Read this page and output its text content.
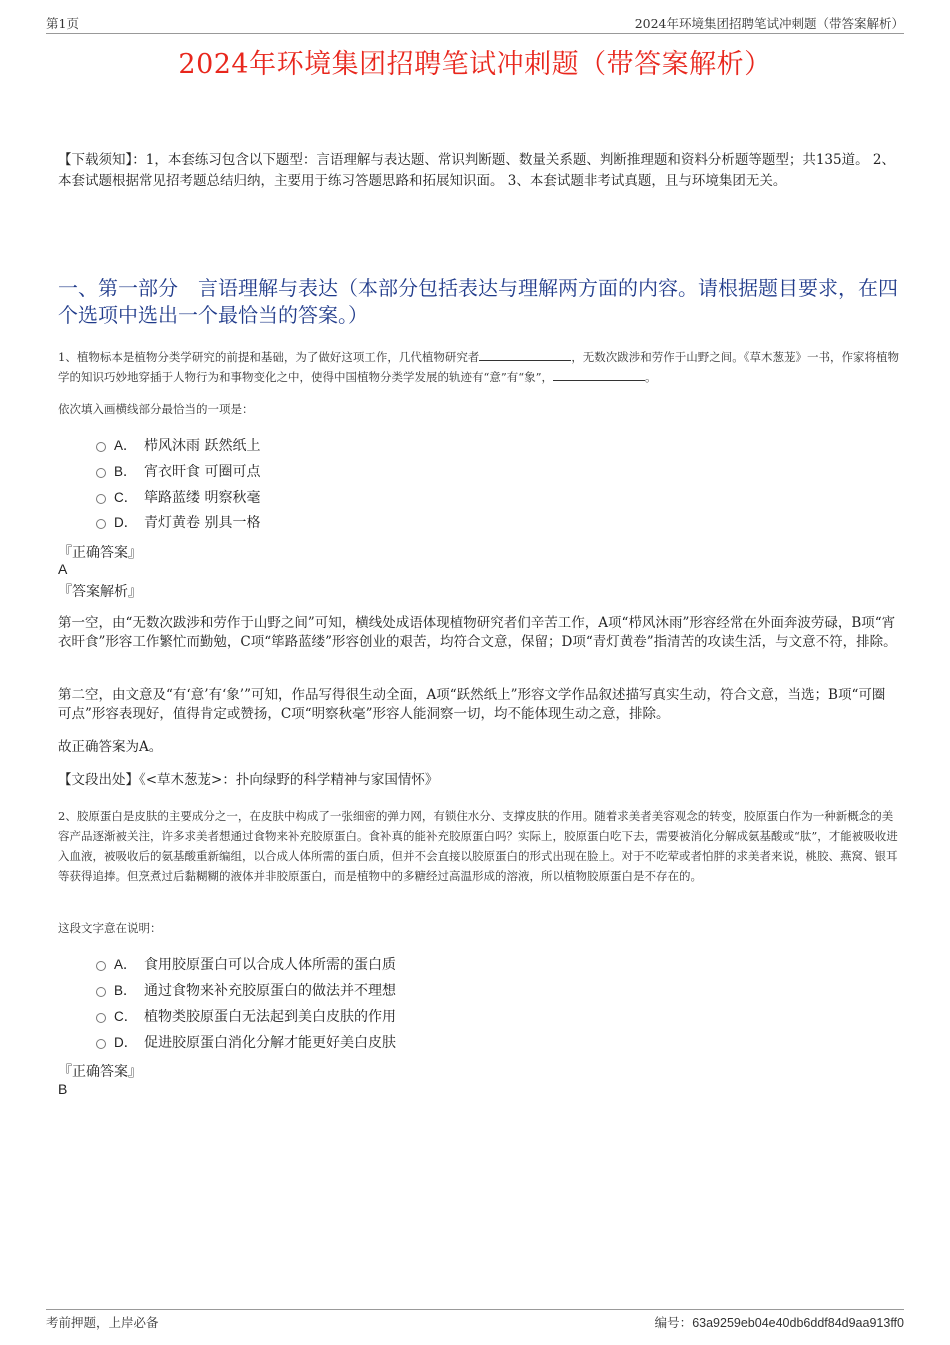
第1页	2024年环境集团招聘笔试冲刺题（带答案解析）
2024年环境集团招聘笔试冲刺题（带答案解析）
【下载须知】：1，本套练习包含以下题型：言语理解与表达题、常识判断题、数量关系题、判断推理题和资料分析题等题型；共135道。 2、本套试题根据常见招考题总结归纳，主要用于练习答题思路和拓展知识面。 3、本套试题非考试真题，且与环境集团无关。
一、第一部分　言语理解与表达（本部分包括表达与理解两方面的内容。请根据题目要求，在四个选项中选出一个最恰当的答案。）
1、植物标本是植物分类学研究的前提和基础，为了做好这项工作，几代植物研究者	，无数次跋涉和劳作于山野之间。《草木葱茏》一书，作家将植物学的知识巧妙地穿插于人物行为和事物变化之中，使得中国植物分类学发展的轨迹有“意”有“象”，	。
依次填入画横线部分最恰当的一项是：
A． 栉风沐雨 跃然纸上
B． 宵衣旰食 可圈可点
C． 筚路蓝缕 明察秋毫
D． 青灯黄卷 别具一格
『正确答案』
A
『答案解析』
第一空，由“无数次跋涉和劳作于山野之间”可知，横线处成语体现植物研究者们辛苦工作，A项“栉风沐雨”形容经常在外面奔波劳碌，B项“宵衣旰食”形容工作繁忙而勤勉，C项“筚路蓝缕”形容创业的艰苦，均符合文意，保留；D项“青灯黄卷”指清苦的攻读生活，与文意不符，排除。
第二空，由文意及“有‘意’有‘象’”可知，作品写得很生动全面，A项“跃然纸上”形容文学作品叙述描写真实生动，符合文意，当选；B项“可圈可点”形容表现好，值得肯定或赞扬，C项“明察秋毫”形容人能洞察一切，均不能体现生动之意，排除。
故正确答案为A。
【文段出处】《<草木葱茏>：扑向绿野的科学精神与家国情怀》
2、胶原蛋白是皮肤的主要成分之一，在皮肤中构成了一张细密的弹力网，有锁住水分、支撑皮肤的作用。随着求美者美容观念的转变，胶原蛋白作为一种新概念的美容产品逐渐被关注，许多求美者想通过食物来补充胶原蛋白。食补真的能补充胶原蛋白吗？实际上，胶原蛋白吃下去，需要被消化分解成氨基酸或“肽”，才能被吸收进入血液，被吸收后的氨基酸重新编组，以合成人体所需的蛋白质，但并不会直接以胶原蛋白的形式出现在脸上。对于不吃荤或者怕胖的求美者来说，桃胶、燕窝、银耳等获得追捧。但烹煮过后黏糊糊的液体并非胶原蛋白，而是植物中的多糖经过高温形成的溶液，所以植物胶原蛋白是不存在的。
这段文字意在说明：
A． 食用胶原蛋白可以合成人体所需的蛋白质
B． 通过食物来补充胶原蛋白的做法并不理想
C． 植物类胶原蛋白无法起到美白皮肤的作用
D． 促进胶原蛋白消化分解才能更好美白皮肤
『正确答案』
B
考前押题，上岸必备	编号：63a9259eb04e40db6ddf84d9aa913ff0
